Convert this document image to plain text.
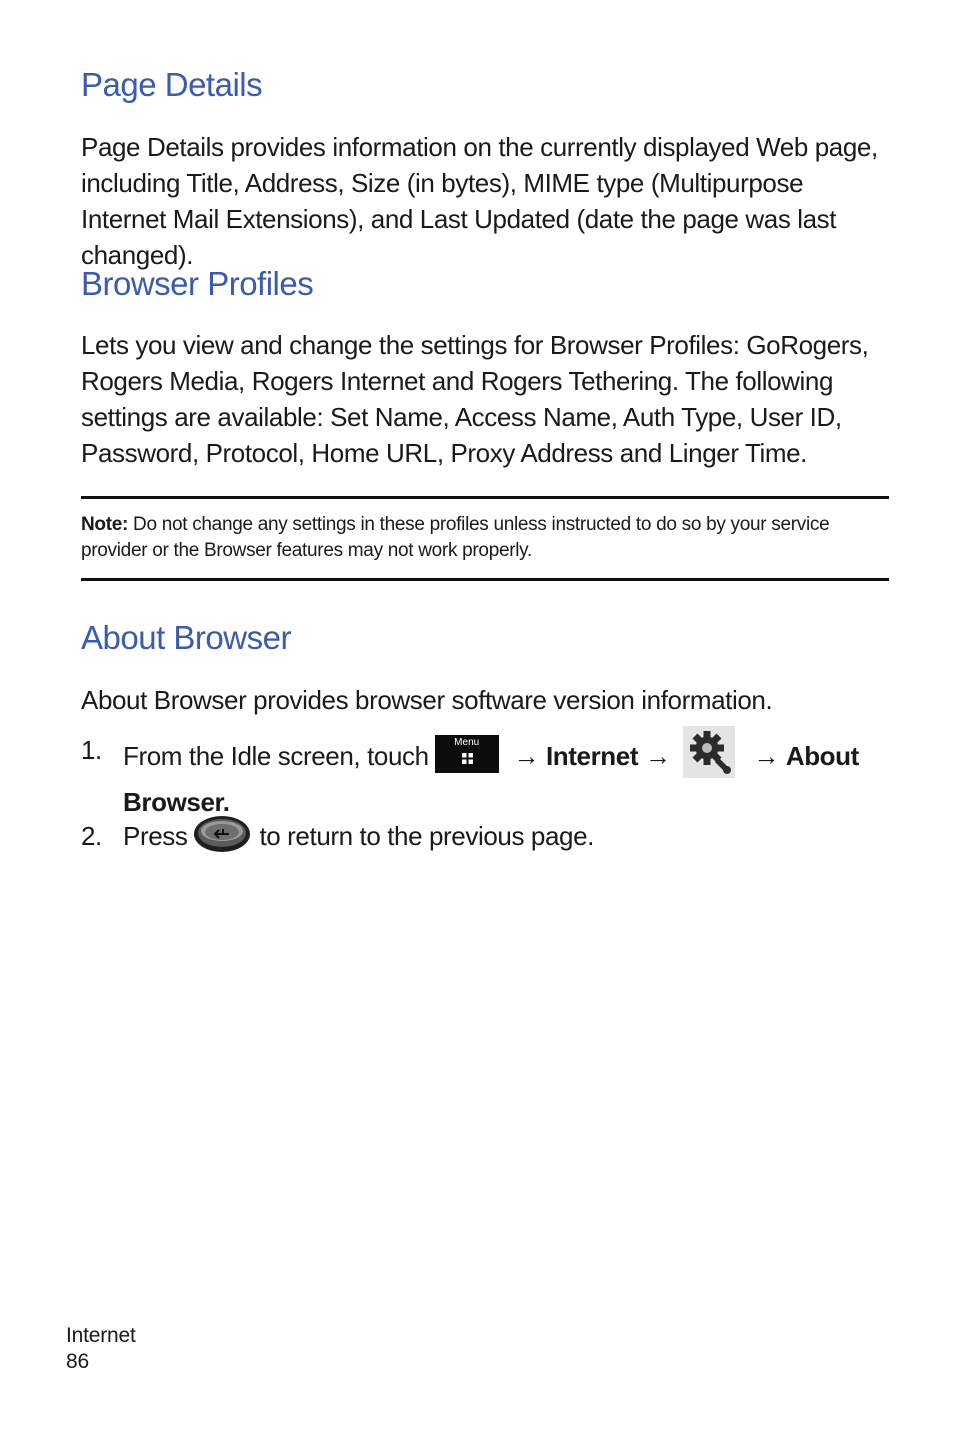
Page Details

Page Details provides information on the currently displayed Web page, including Title, Address, Size (in bytes), MIME type (Multipurpose Internet Mail Extensions), and Last Updated (date the page was last changed).

Browser Profiles

Lets you view and change the settings for Browser Profiles: GoRogers, Rogers Media, Rogers Internet and Rogers Tethering. The following settings are available: Set Name, Access Name, Auth Type, User ID, Password, Protocol, Home URL, Proxy Address and Linger Time.

Note: Do not change any settings in these profiles unless instructed to do so by your service provider or the Browser features may not work properly.

About Browser

About Browser provides browser software version information.

1. From the Idle screen, touch	Menu	→ Internet →	→ About
Browser.
2. Press	to return to the previous page.
Internet
86
